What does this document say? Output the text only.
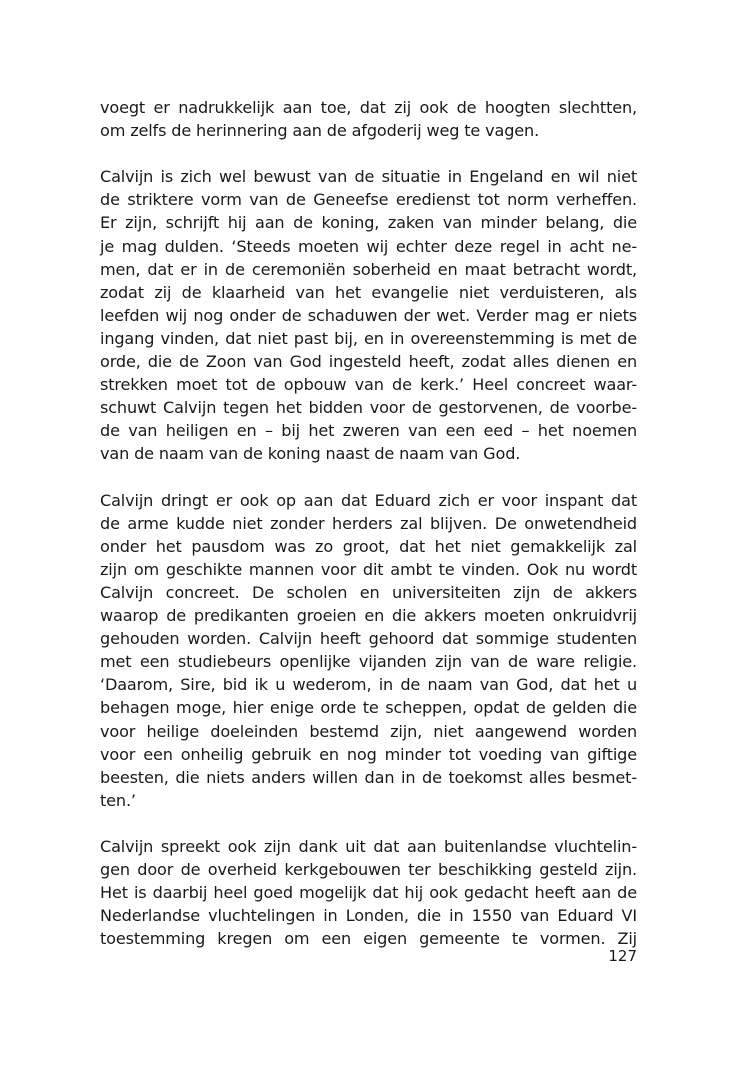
voegt er nadrukkelijk aan toe, dat zij ook de hoogten slechtten,
om zelfs de herinnering aan de afgoderij weg te vagen.

Calvijn is zich wel bewust van de situatie in Engeland en wil niet
de striktere vorm van de Geneefse eredienst tot norm verheffen.
Er zijn, schrijft hij aan de koning, zaken van minder belang, die
je mag dulden. ‘Steeds moeten wij echter deze regel in acht ne-
men, dat er in de ceremoniën soberheid en maat betracht wordt,
zodat zij de klaarheid van het evangelie niet verduisteren, als
leefden wij nog onder de schaduwen der wet. Verder mag er niets
ingang vinden, dat niet past bij, en in overeenstemming is met de
orde, die de Zoon van God ingesteld heeft, zodat alles dienen en
strekken moet tot de opbouw van de kerk.’ Heel concreet waar-
schuwt Calvijn tegen het bidden voor de gestorvenen, de voorbe-
de van heiligen en – bij het zweren van een eed – het noemen
van de naam van de koning naast de naam van God.

Calvijn dringt er ook op aan dat Eduard zich er voor inspant dat
de arme kudde niet zonder herders zal blijven. De onwetendheid
onder het pausdom was zo groot, dat het niet gemakkelijk zal
zijn om geschikte mannen voor dit ambt te vinden. Ook nu wordt
Calvijn concreet. De scholen en universiteiten zijn de akkers
waarop de predikanten groeien en die akkers moeten onkruidvrij
gehouden worden. Calvijn heeft gehoord dat sommige studenten
met een studiebeurs openlijke vijanden zijn van de ware religie.
‘Daarom, Sire, bid ik u wederom, in de naam van God, dat het u
behagen moge, hier enige orde te scheppen, opdat de gelden die
voor heilige doeleinden bestemd zijn, niet aangewend worden
voor een onheilig gebruik en nog minder tot voeding van giftige
beesten, die niets anders willen dan in de toekomst alles besmet-
ten.’

Calvijn spreekt ook zijn dank uit dat aan buitenlandse vluchtelin-
gen door de overheid kerkgebouwen ter beschikking gesteld zijn.
Het is daarbij heel goed mogelijk dat hij ook gedacht heeft aan de
Nederlandse vluchtelingen in Londen, die in 1550 van Eduard VI
toestemming kregen om een eigen gemeente te vormen. Zij

127
